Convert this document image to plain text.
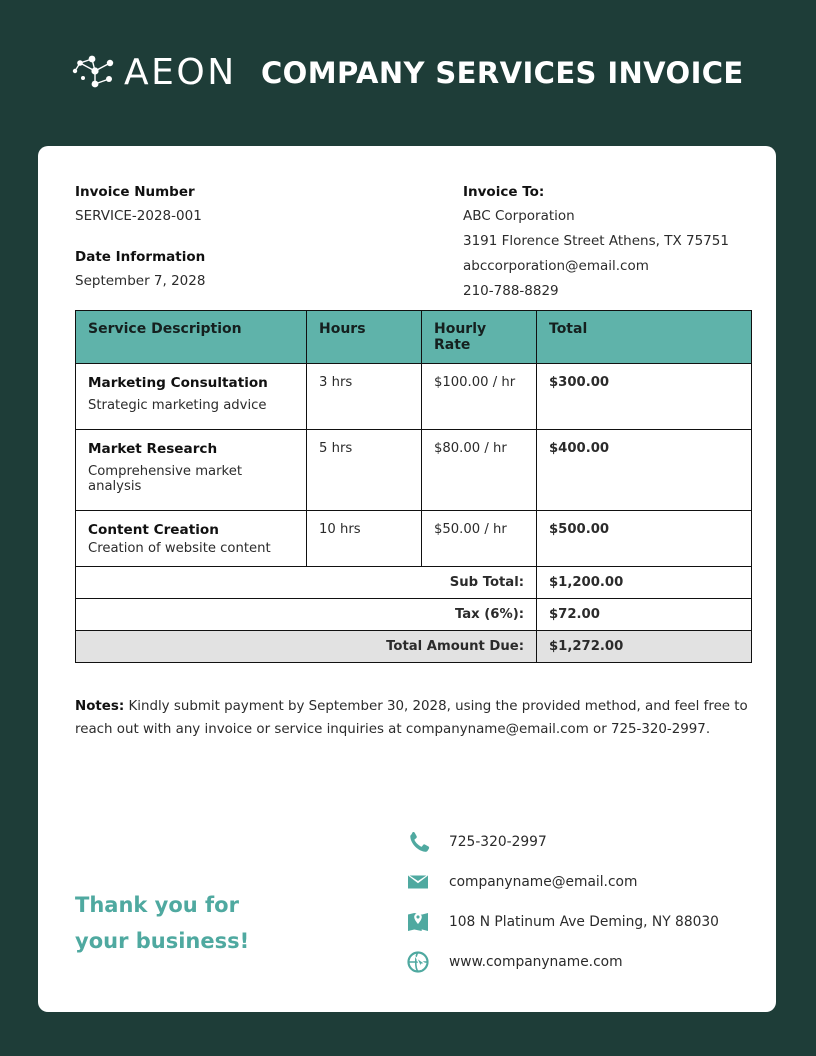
AEON COMPANY SERVICES INVOICE
Invoice Number
SERVICE-2028-001
Date Information
September 7, 2028
Invoice To:
ABC Corporation
3191 Florence Street Athens, TX 75751
abccorporation@email.com
210-788-8829
Service Description	Hours	Hourly Rate	Total

Marketing Consultation
Strategic marketing advice	3 hrs	$100.00 / hr	$300.00

Market Research
Comprehensive market analysis	5 hrs	$80.00 / hr	$400.00

Content Creation
Creation of website content	10 hrs	$50.00 / hr	$500.00
Sub Total:			$1,200.00
Tax (6%):			$72.00
Total Amount Due:			$1,272.00
Notes: Kindly submit payment by September 30, 2028, using the provided method, and feel free to reach out with any invoice or service inquiries at companyname@email.com or 725-320-2997.
Thank you for
your business!
725-320-2997
companyname@email.com
108 N Platinum Ave Deming, NY 88030
www.companyname.com
